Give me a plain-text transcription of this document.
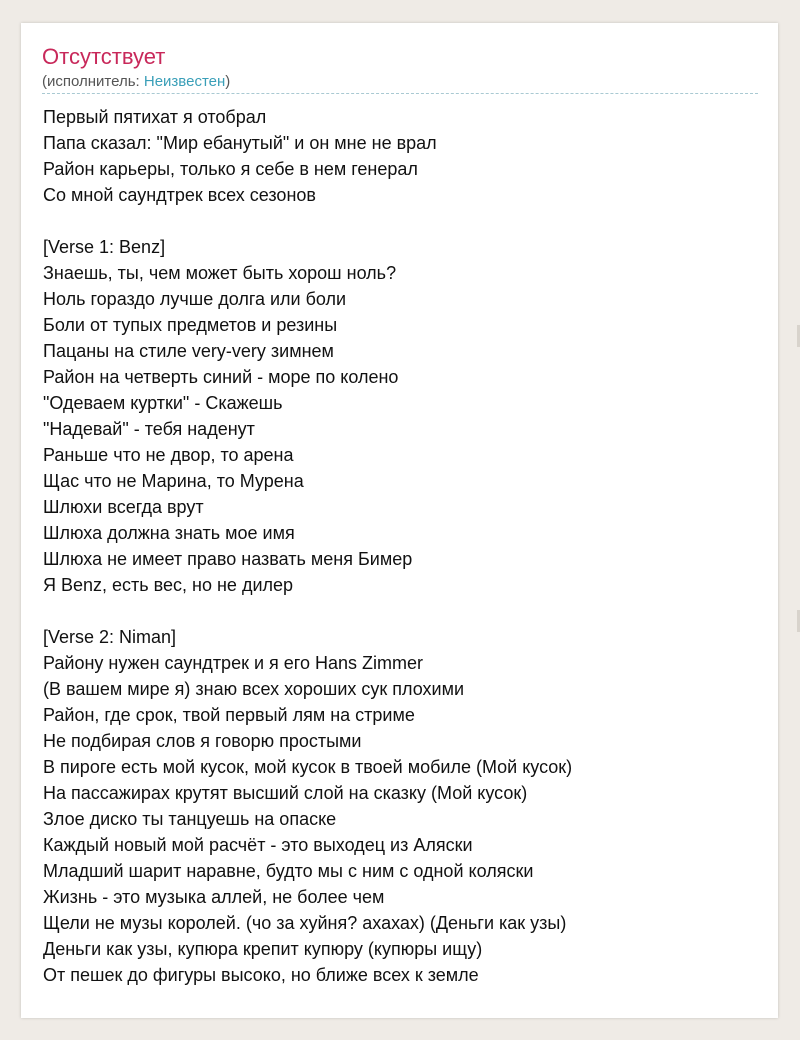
Отсутствует
(исполнитель: Неизвестен)
Первый пятихат я отобрал
Папа сказал: "Мир ебанутый" и он мне не врал
Район карьеры, только я себе в нем генерал
Со мной саундтрек всех сезонов
[Verse 1: Benz]
Знаешь, ты, чем может быть хорош ноль?
Ноль гораздо лучше долга или боли
Боли от тупых предметов и резины
Пацаны на стиле very-very зимнем
Район на четверть синий - море по колено
"Одеваем куртки" - Скажешь
"Надевай" - тебя наденут
Раньше что не двор, то арена
Щас что не Марина, то Мурена
Шлюхи всегда врут
Шлюха должна знать мое имя
Шлюха не имеет право назвать меня Бимер
Я Benz, есть вес, но не дилер
[Verse 2: Niman]
Району нужен саундтрек и я его Hans Zimmer
(В вашем мире я) знаю всех хороших сук плохими
Район, где срок, твой первый лям на стриме
Не подбирая слов я говорю простыми
В пироге есть мой кусок, мой кусок в твоей мобиле (Мой кусок)
На пассажирах крутят высший слой на сказку (Мой кусок)
Злое диско ты танцуешь на опаске
Каждый новый мой расчёт - это выходец из Аляски
Младший шарит наравне, будто мы с ним с одной коляски
Жизнь - это музыка аллей, не более чем
Щели не музы королей. (чо за хуйня? ахахах) (Деньги как узы)
Деньги как узы, купюра крепит купюру (купюры ищу)
От пешек до фигуры высоко, но ближе всех к земле
